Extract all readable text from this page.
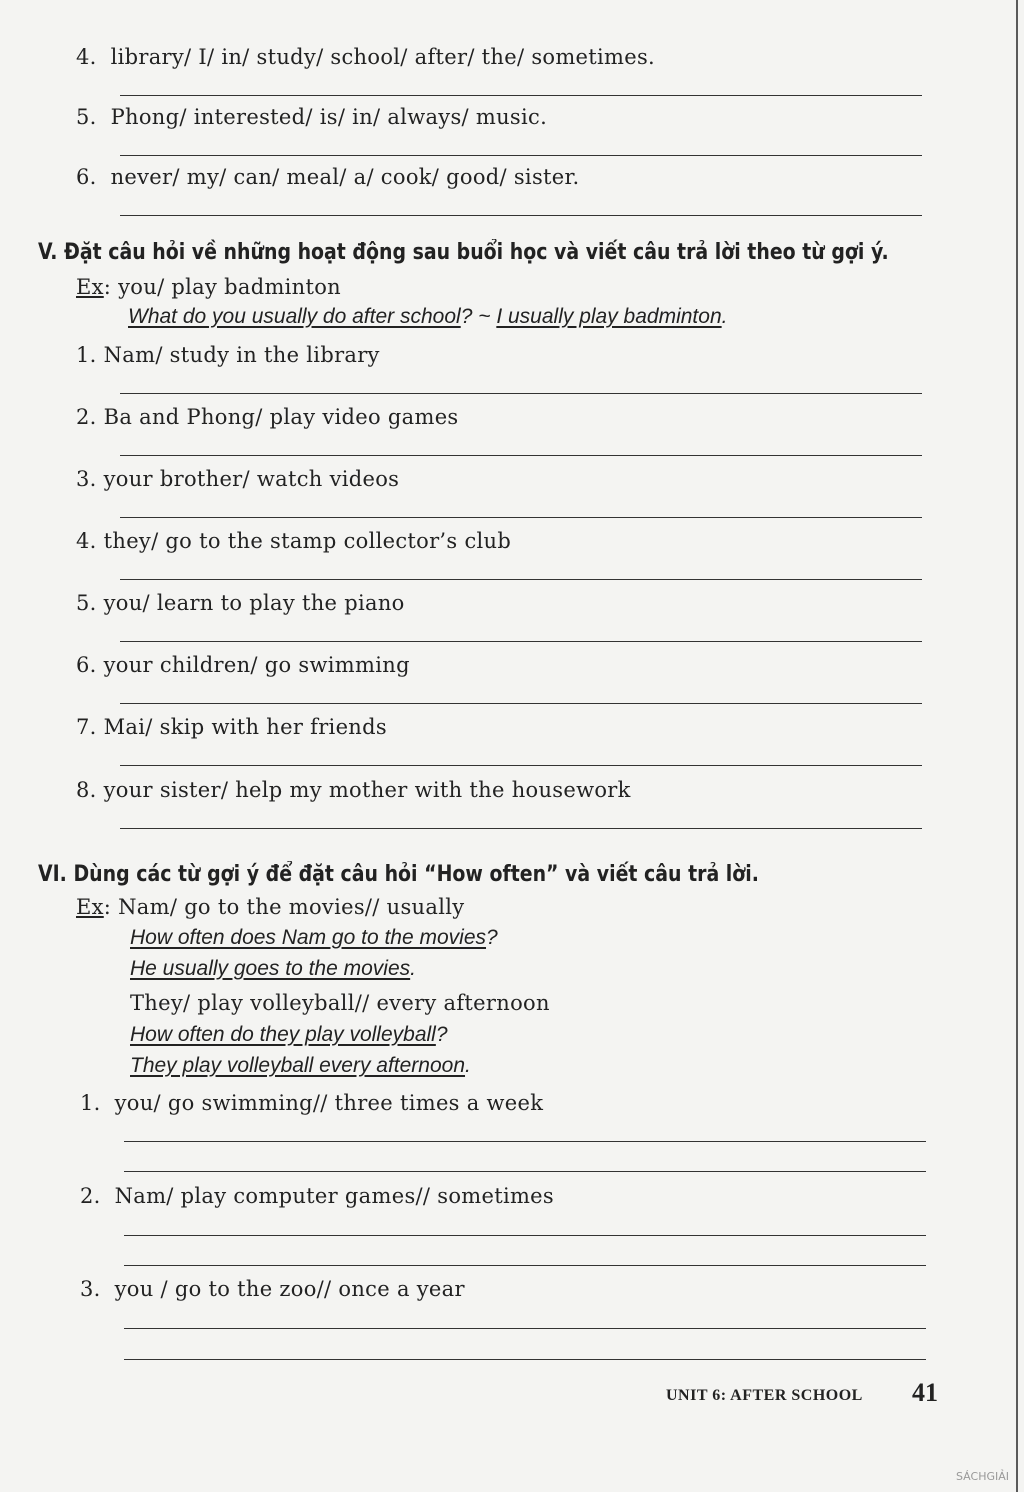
4. library/ I/ in/ study/ school/ after/ the/ sometimes.
5. Phong/ interested/ is/ in/ always/ music.
6. never/ my/ can/ meal/ a/ cook/ good/ sister.
V. Đặt câu hỏi về những hoạt động sau buổi học và viết câu trả lời theo từ gợi ý.
Ex: you/ play badminton
What do you usually do after school? ~ I usually play badminton.
1. Nam/ study in the library
2. Ba and Phong/ play video games
3. your brother/ watch videos
4. they/ go to the stamp collector’s club
5. you/ learn to play the piano
6. your children/ go swimming
7. Mai/ skip with her friends
8. your sister/ help my mother with the housework
VI. Dùng các từ gợi ý để đặt câu hỏi “How often” và viết câu trả lời.
Ex: Nam/ go to the movies// usually
How often does Nam go to the movies?
He usually goes to the movies.
They/ play volleyball// every afternoon
How often do they play volleyball?
They play volleyball every afternoon.
1. you/ go swimming// three times a week
2. Nam/ play computer games// sometimes
3. you / go to the zoo// once a year
UNIT 6: AFTER SCHOOL 41
SÁCHGIẢI
